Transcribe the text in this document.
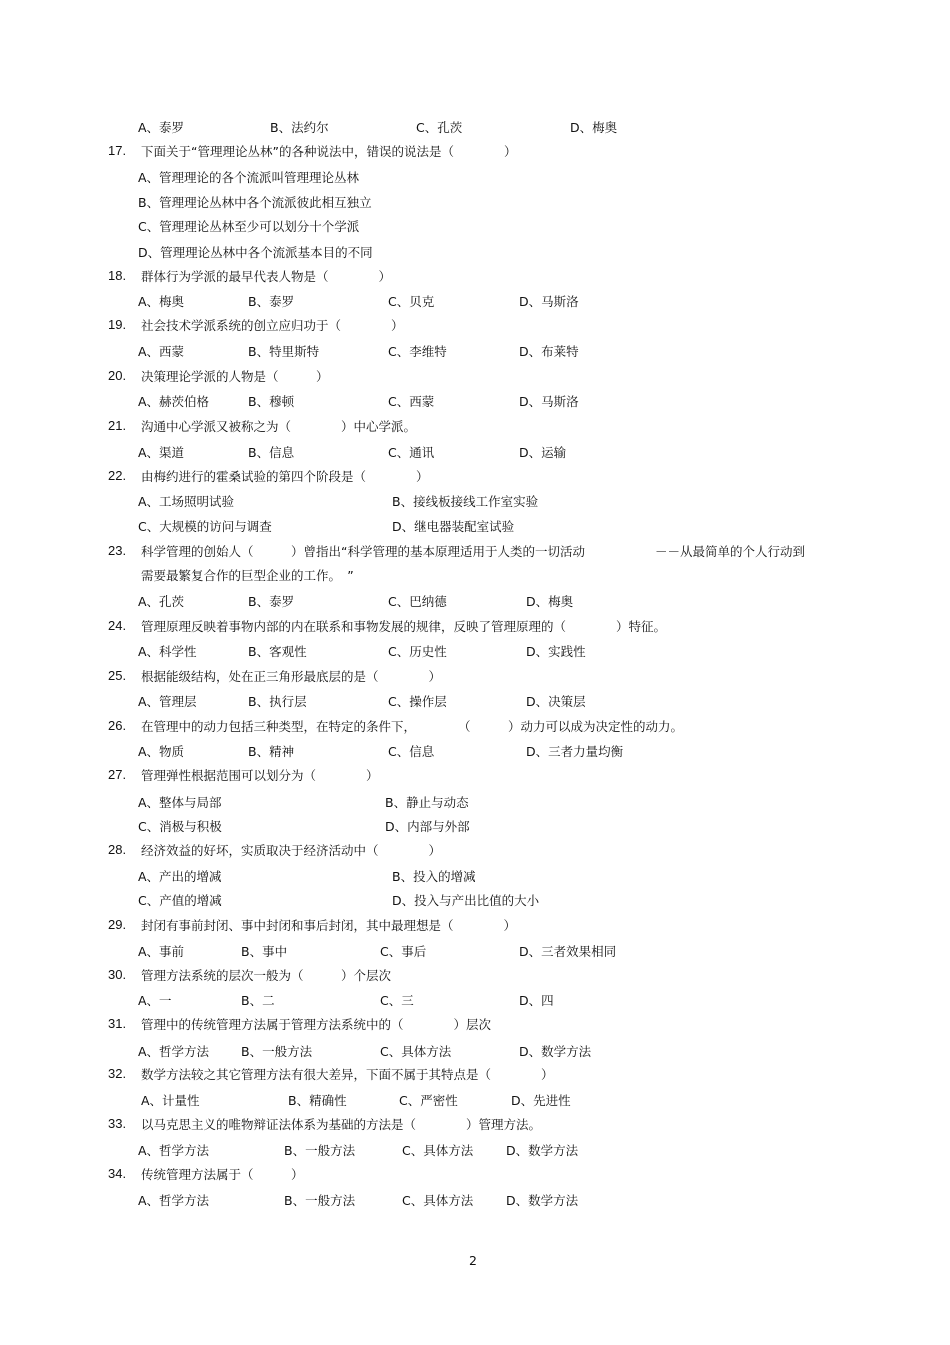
A、泰罗	B、法约尔	C、孔茨	D、梅奥
17. 下面关于“管理理论丛林”的各种说法中，错误的说法是（　　　　）
A、管理理论的各个流派叫管理理论丛林
B、管理理论丛林中各个流派彼此相互独立
C、管理理论丛林至少可以划分十个学派
D、管理理论丛林中各个流派基本目的不同
18. 群体行为学派的最早代表人物是（　　　　）
A、梅奥	B、泰罗	C、贝克	D、马斯洛
19. 社会技术学派系统的创立应归功于（　　　　）
A、西蒙	B、特里斯特	C、李维特	D、布莱特
20. 决策理论学派的人物是（　　　）
A、赫茨伯格	B、穆顿	C、西蒙	D、马斯洛
21. 沟通中心学派又被称之为（　　　　）中心学派。
A、渠道	B、信息	C、通讯	D、运输
22. 由梅约进行的霍桑试验的第四个阶段是（　　　　）
A、工场照明试验	B、接线板接线工作室实验
C、大规模的访问与调查	D、继电器装配室试验
23. 科学管理的创始人（　　　）曾指出“科学管理的基本原理适用于人类的一切活动	－－从最简单的个人行动到
需要最繁复合作的巨型企业的工作。　”
A、孔茨	B、泰罗	C、巴纳德	D、梅奥
24. 管理原理反映着事物内部的内在联系和事物发展的规律，反映了管理原理的（　　　　）特征。
A、科学性	B、客观性	C、历史性	D、实践性
25. 根据能级结构，处在正三角形最底层的是（　　　　）
A、管理层	B、执行层	C、操作层	D、决策层
26. 在管理中的动力包括三种类型，在特定的条件下，	（　　　）动力可以成为决定性的动力。
A、物质	B、精神	C、信息	D、三者力量均衡
27. 管理弹性根据范围可以划分为（　　　　）
A、整体与局部	B、静止与动态
C、消极与积极	D、内部与外部
28. 经济效益的好坏，实质取决于经济活动中（　　　　）
A、产出的增减	B、投入的增减
C、产值的增减	D、投入与产出比值的大小
29. 封闭有事前封闭、事中封闭和事后封闭，其中最理想是（　　　　）
A、事前	B、事中	C、事后	D、三者效果相同
30. 管理方法系统的层次一般为（　　　）个层次
A、一	B、二	C、三	D、四
31. 管理中的传统管理方法属于管理方法系统中的（　　　　）层次
A、哲学方法	B、一般方法	C、具体方法	D、数学方法
32. 数学方法较之其它管理方法有很大差异，下面不属于其特点是（　　　　）
A、计量性	B、精确性	C、严密性	D、先进性
33. 以马克思主义的唯物辩证法体系为基础的方法是（　　　　）管理方法。
A、哲学方法	B、一般方法	C、具体方法	D、数学方法
34. 传统管理方法属于（　　　）
A、哲学方法	B、一般方法	C、具体方法	D、数学方法
2
